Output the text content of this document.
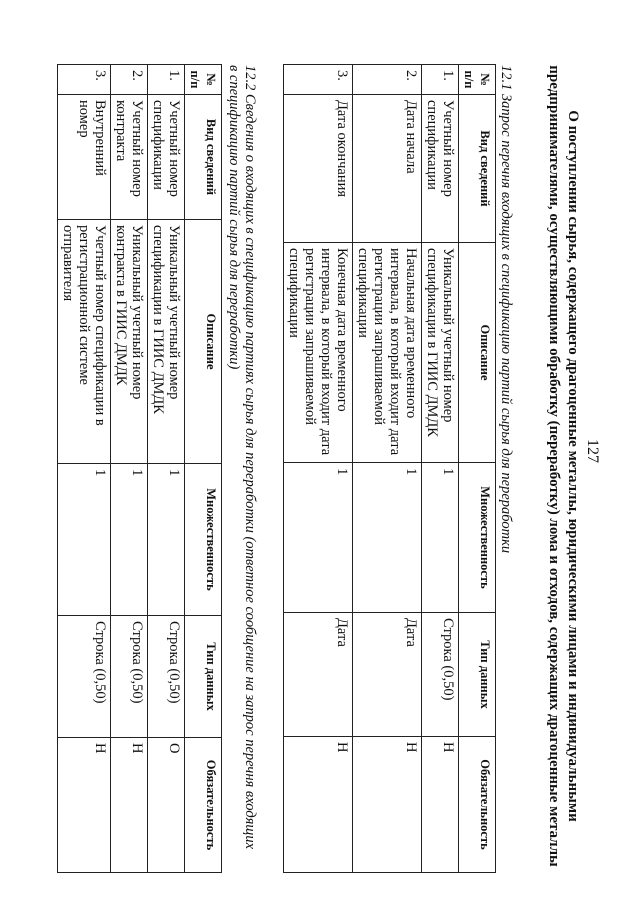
127
О поступлении сырья, содержащего драгоценные металлы, юридическими лицами и индивидуальными предпринимателями, осуществляющими обработку (переработку) лома и отходов, содержащих драгоценные металлы
12.1 Запрос перечня входящих в спецификацию партий сырья для переработки
№ п/п	Вид сведений	Описание	Множественность	Тип данных	Обязательность
1.	Учетный номер спецификации	Уникальный учетный номер спецификации в ГИИС ДМДК	1	Строка (0,50)	Н
2.	Дата начала	Начальная дата временного интервала, в который входит дата регистрации запрашиваемой спецификации	1	Дата	Н
3.	Дата окончания	Конечная дата временного интервала, в который входит дата регистрации запрашиваемой спецификации	1	Дата	Н
12.2 Сведения о входящих в спецификацию партиях сырья для переработки (ответное сообщение на запрос перечня входящих в спецификацию партий сырья для переработки)
№ п/п	Вид сведений	Описание	Множественность	Тип данных	Обязательность
1.	Учетный номер спецификации	Уникальный учетный номер спецификации в ГИИС ДМДК	1	Строка (0,50)	О
2.	Учетный номер контракта	Уникальный учетный номер контракта в ГИИС ДМДК	1	Строка (0,50)	Н
3.	Внутренний номер	Учетный номер спецификации в регистрационной системе отправителя	1	Строка (0,50)	Н
